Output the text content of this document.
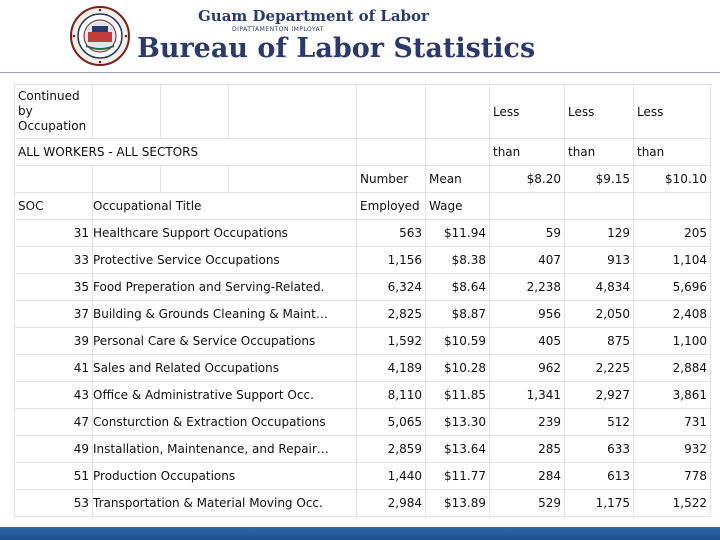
Guam Department of Labor
DIPATTAMENTON IMPLOYAT
Bureau of Labor Statistics
Continued by Occupation						Less	Less	Less
ALL WORKERS - ALL SECTORS						than	than	than
				Number	Mean	$8.20	$9.15	$10.10
SOC	Occupational Title			Employed	Wage			
31	Healthcare Support Occupations			563	$11.94	59	129	205
33	Protective Service Occupations			1,156	$8.38	407	913	1,104
35	Food Preperation and Serving-Related.			6,324	$8.64	2,238	4,834	5,696
37	Building & Grounds Cleaning & Maint…			2,825	$8.87	956	2,050	2,408
39	Personal Care & Service Occupations			1,592	$10.59	405	875	1,100
41	Sales and Related Occupations			4,189	$10.28	962	2,225	2,884
43	Office & Administrative Support Occ.			8,110	$11.85	1,341	2,927	3,861
47	Consturction & Extraction Occupations			5,065	$13.30	239	512	731
49	Installation, Maintenance, and Repair…			2,859	$13.64	285	633	932
51	Production Occupations			1,440	$11.77	284	613	778
53	Transportation & Material Moving Occ.			2,984	$13.89	529	1,175	1,522
